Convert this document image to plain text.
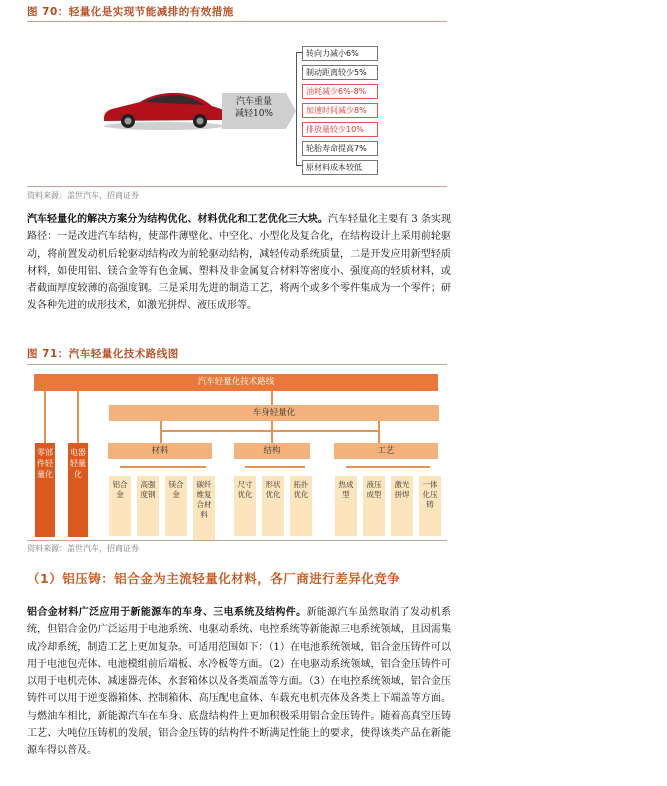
图 70：轻量化是实现节能减排的有效措施
汽车重量
减轻10%
转向力减小6%
制动距离较少5%
油耗减少6%-8%
加速时间减少8%
排放量较少10%
轮胎寿命提高7%
原材料成本较低
资料来源：盖世汽车，招商证券
汽车轻量化的解决方案分为结构优化、材料优化和工艺优化三大块。汽车轻量化主要有 3 条实现路径：一是改进汽车结构，使部件薄壁化、中空化、小型化及复合化，在结构设计上采用前轮驱动，将前置发动机后轮驱动结构改为前轮驱动结构，减轻传动系统质量，二是开发应用新型轻质材料，如使用铝、镁合金等有色金属、塑料及非金属复合材料等密度小、强度高的轻质材料，或者截面厚度较薄的高强度钢。三是采用先进的制造工艺，将两个或多个零件集成为一个零件；研发各种先进的成形技术，如激光拼焊、液压成形等。
图 71：汽车轻量化技术路线图
汽车轻量化技术路线
零部件轻量化
电器轻量化
车身轻量化
材料	结构	工艺
铝合金
高强度钢
镁合金
碳纤维复合材料
尺寸优化
形状优化
拓扑优化
热成型
液压成型
激光拼焊
一体化压铸
资料来源：盖世汽车，招商证券
（1）铝压铸：铝合金为主流轻量化材料，各厂商进行差异化竞争
铝合金材料广泛应用于新能源车的车身、三电系统及结构件。新能源汽车虽然取消了发动机系统，但铝合金仍广泛运用于电池系统、电驱动系统、电控系统等新能源三电系统领域，且因需集成冷却系统，制造工艺上更加复杂。可适用范围如下：（1）在电池系统领域，铝合金压铸件可以用于电池包壳体、电池模组前后端板、水冷板等方面。（2）在电驱动系统领域，铝合金压铸件可以用于电机壳体、减速器壳体、水套箱体以及各类端盖等方面。（3）在电控系统领域，铝合金压铸件可以用于逆变器箱体、控制箱体、高压配电盒体、车载充电机壳体及各类上下端盖等方面。与燃油车相比，新能源汽车在车身、底盘结构件上更加积极采用铝合金压铸件。随着高真空压铸工艺、大吨位压铸机的发展，铝合金压铸的结构件不断满足性能上的要求，使得该类产品在新能源车得以普及。
